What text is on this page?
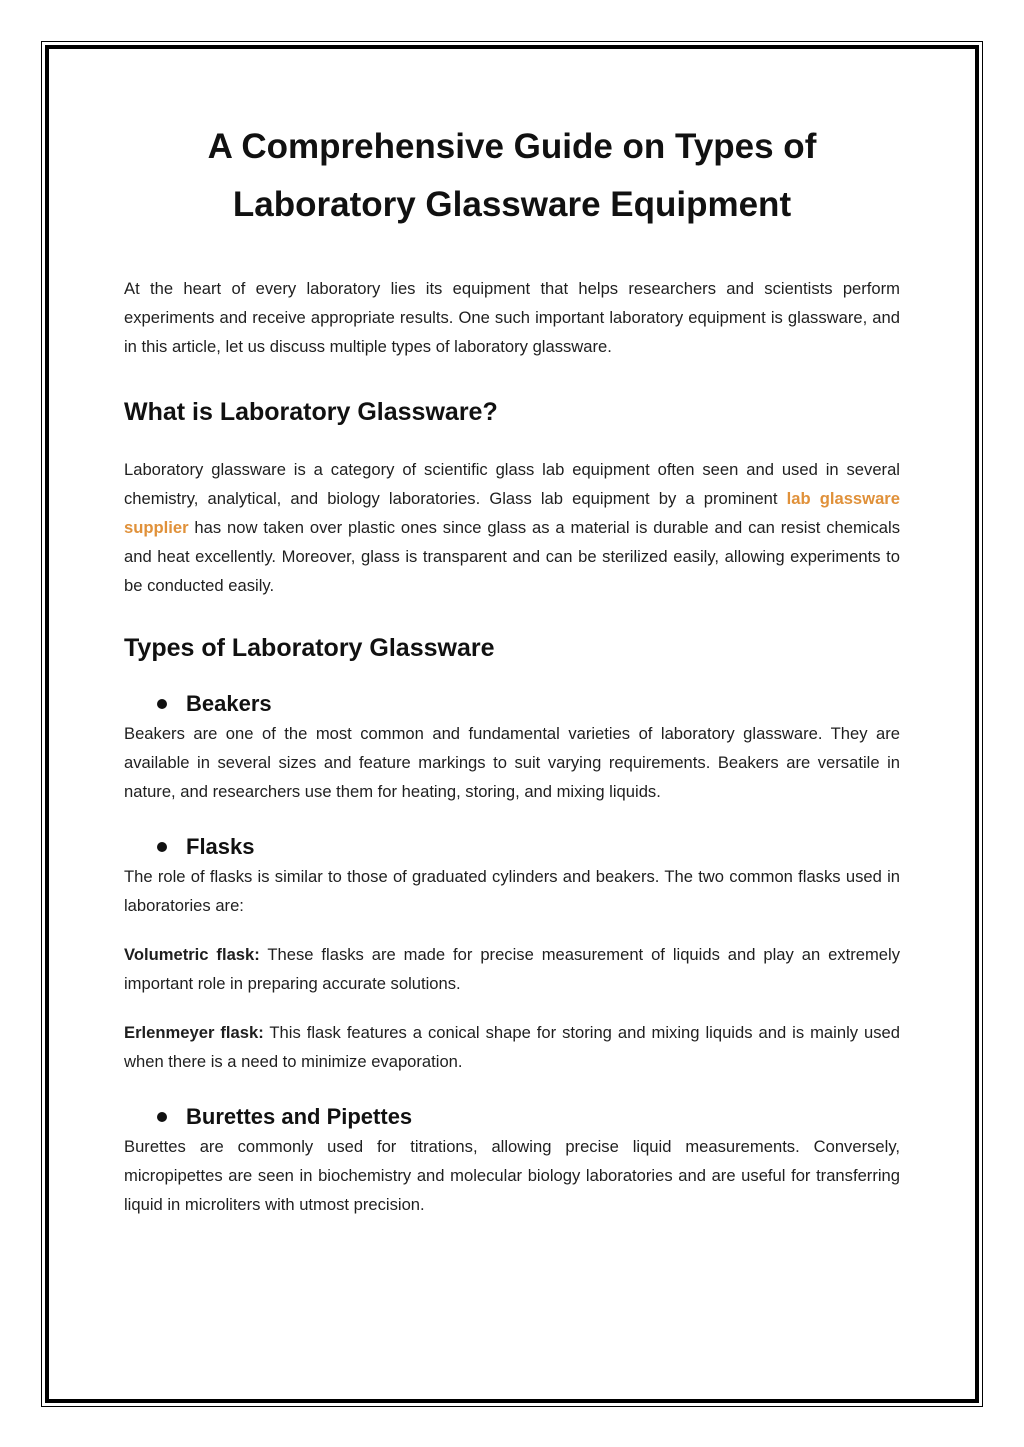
A Comprehensive Guide on Types of
Laboratory Glassware Equipment

At the heart of every laboratory lies its equipment that helps researchers and scientists perform experiments and receive appropriate results. One such important laboratory equipment is glassware, and in this article, let us discuss multiple types of laboratory glassware.

What is Laboratory Glassware?

Laboratory glassware is a category of scientific glass lab equipment often seen and used in several chemistry, analytical, and biology laboratories. Glass lab equipment by a prominent lab glassware supplier has now taken over plastic ones since glass as a material is durable and can resist chemicals and heat excellently. Moreover, glass is transparent and can be sterilized easily, allowing experiments to be conducted easily.

Types of Laboratory Glassware
Beakers

Beakers are one of the most common and fundamental varieties of laboratory glassware. They are available in several sizes and feature markings to suit varying requirements. Beakers are versatile in nature, and researchers use them for heating, storing, and mixing liquids.

Flasks

The role of flasks is similar to those of graduated cylinders and beakers. The two common flasks used in laboratories are:

Volumetric flask: These flasks are made for precise measurement of liquids and play an extremely important role in preparing accurate solutions.

Erlenmeyer flask: This flask features a conical shape for storing and mixing liquids and is mainly used when there is a need to minimize evaporation.

Burettes and Pipettes

Burettes are commonly used for titrations, allowing precise liquid measurements. Conversely, micropipettes are seen in biochemistry and molecular biology laboratories and are useful for transferring liquid in microliters with utmost precision.
